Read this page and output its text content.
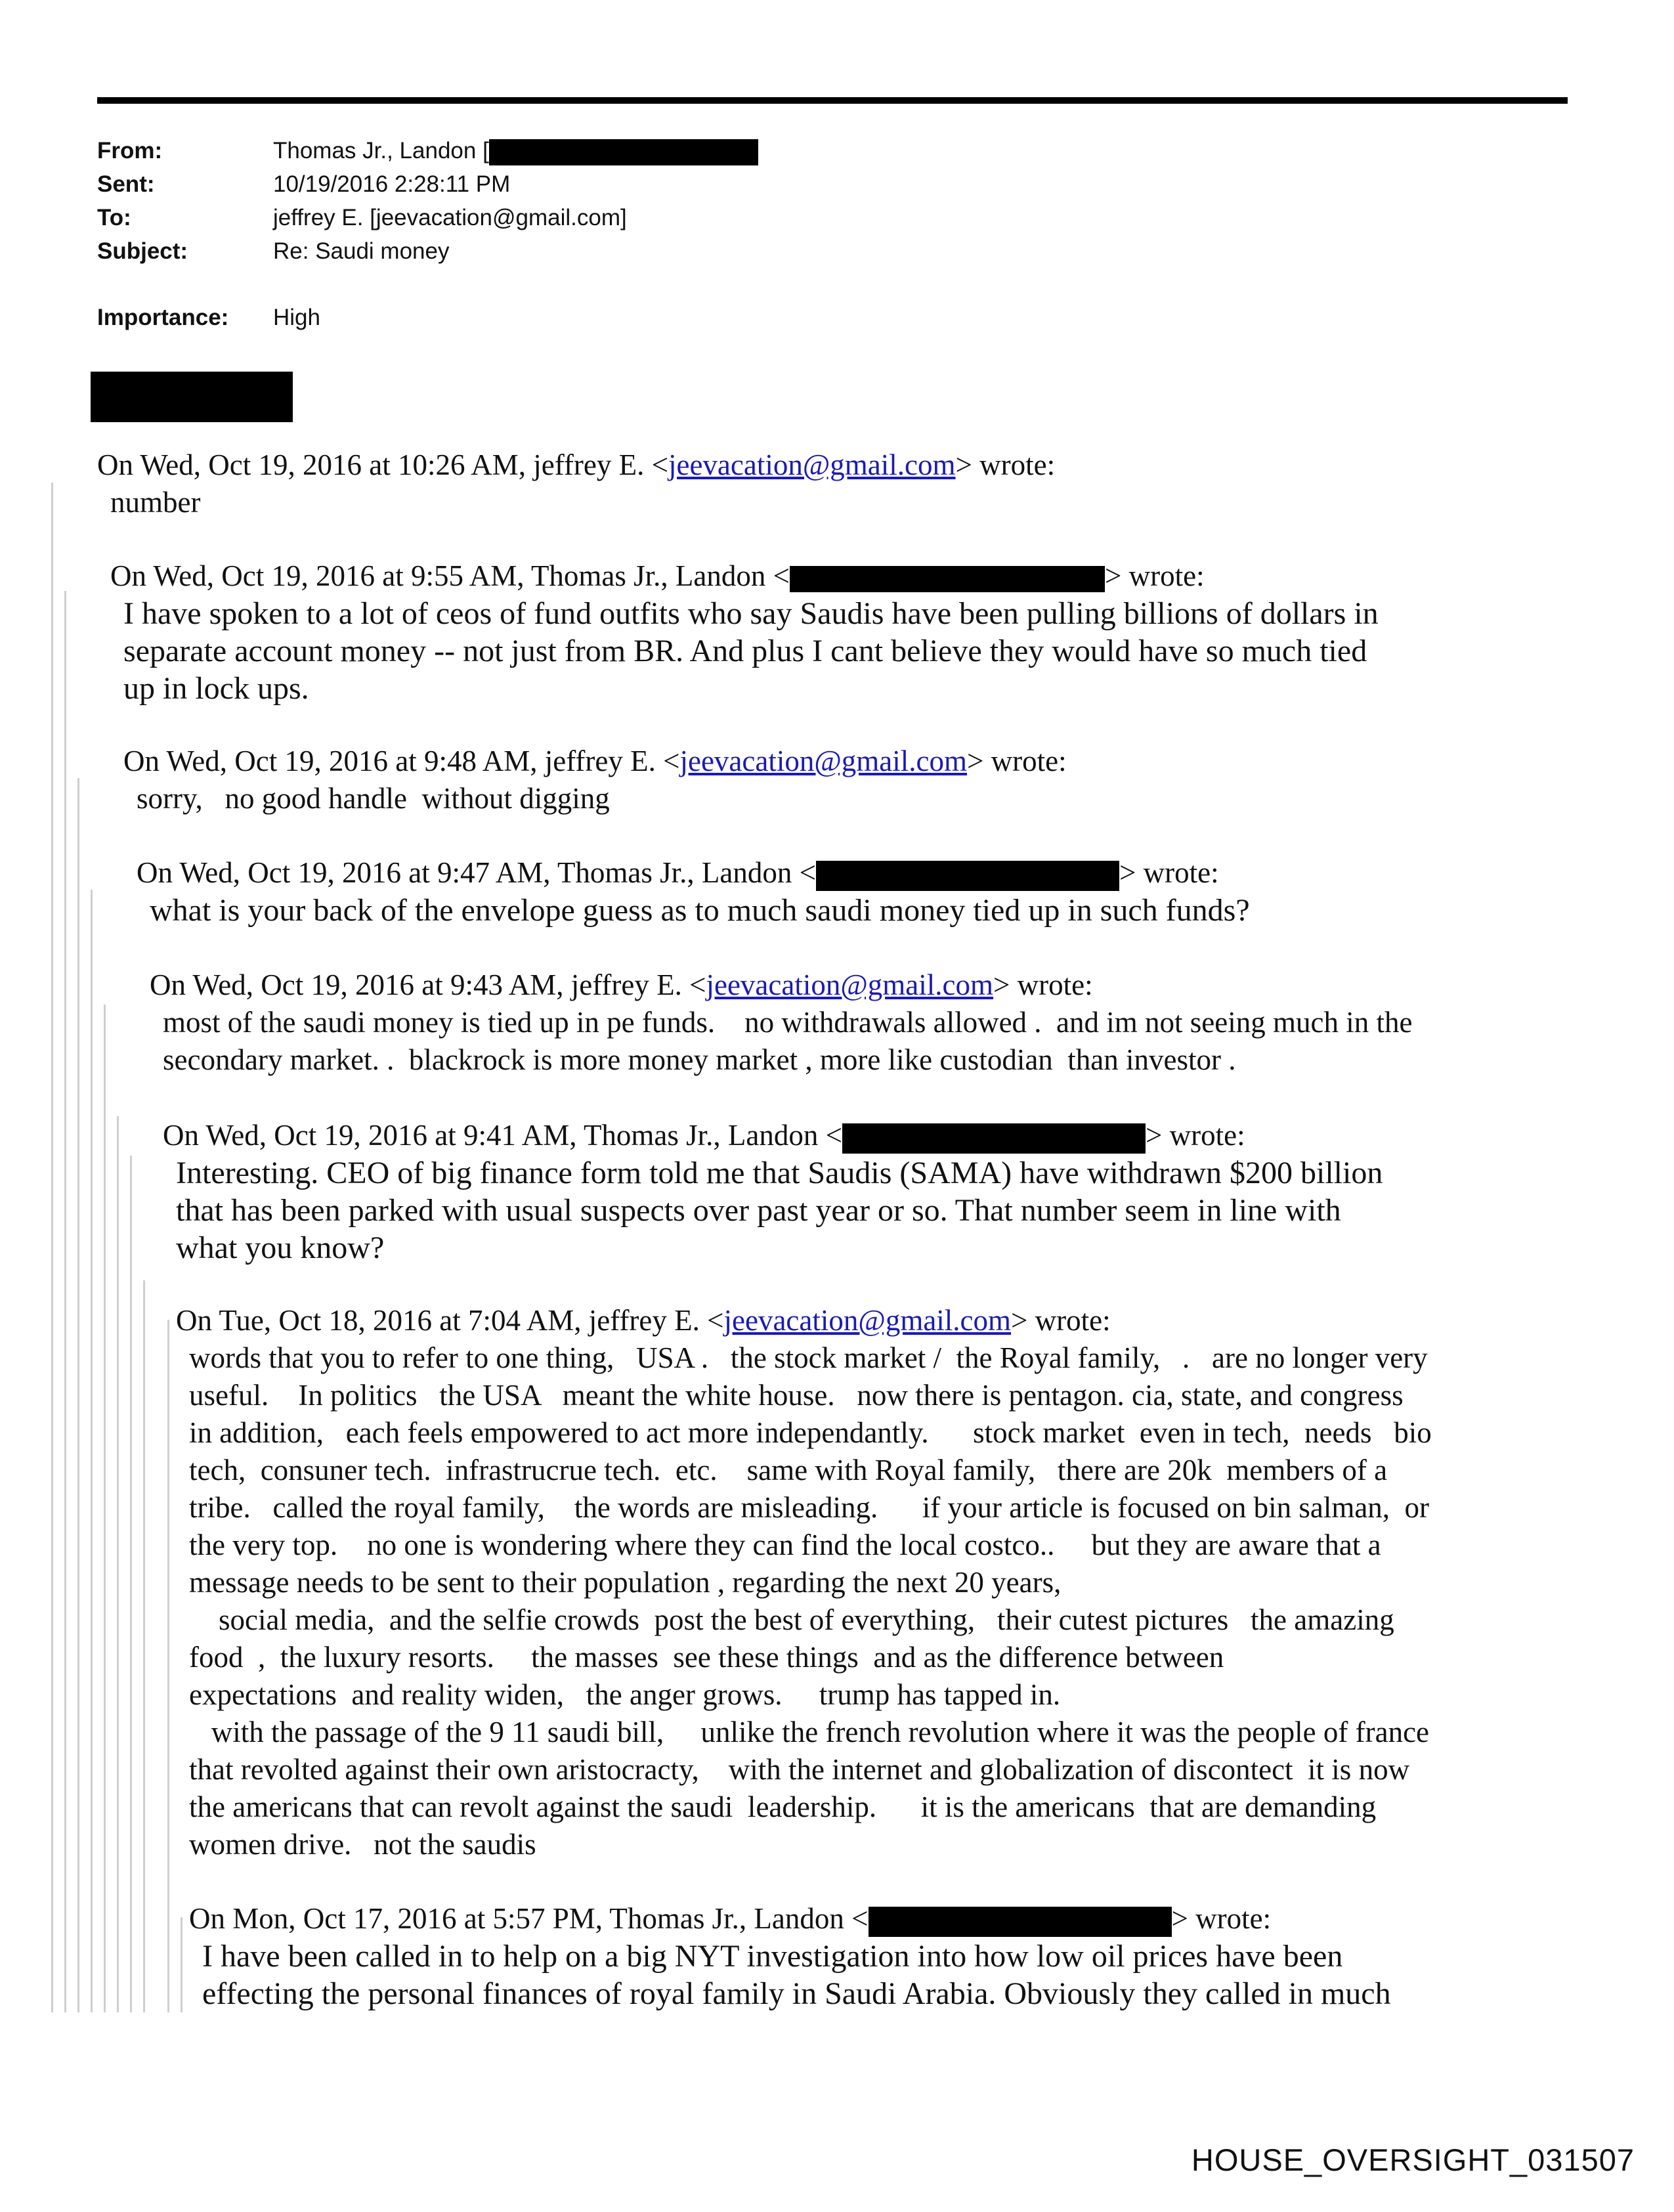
From:	Thomas Jr., Landon [
Sent:	10/19/2016 2:28:11 PM
To:	jeffrey E. [jeevacation@gmail.com]
Subject:	Re: Saudi money
Importance: High
On Wed, Oct 19, 2016 at 10:26 AM, jeffrey E. <jeevacation@gmail.com> wrote:
number
On Wed, Oct 19, 2016 at 9:55 AM, Thomas Jr., Landon <	> wrote:
I have spoken to a lot of ceos of fund outfits who say Saudis have been pulling billions of dollars in
separate account money -- not just from BR. And plus I cant believe they would have so much tied
up in lock ups.
On Wed, Oct 19, 2016 at 9:48 AM, jeffrey E. <jeevacation@gmail.com> wrote:
sorry,   no good handle  without digging
On Wed, Oct 19, 2016 at 9:47 AM, Thomas Jr., Landon <	> wrote:
what is your back of the envelope guess as to much saudi money tied up in such funds?
On Wed, Oct 19, 2016 at 9:43 AM, jeffrey E. <jeevacation@gmail.com> wrote:
most of the saudi money is tied up in pe funds.    no withdrawals allowed .  and im not seeing much in the
secondary market. .  blackrock is more money market , more like custodian  than investor .
On Wed, Oct 19, 2016 at 9:41 AM, Thomas Jr., Landon <	> wrote:
Interesting. CEO of big finance form told me that Saudis (SAMA) have withdrawn $200 billion
that has been parked with usual suspects over past year or so. That number seem in line with
what you know?
On Tue, Oct 18, 2016 at 7:04 AM, jeffrey E. <jeevacation@gmail.com> wrote:
words that you to refer to one thing,   USA .   the stock market /  the Royal family,   .   are no longer very
useful.    In politics   the USA   meant the white house.   now there is pentagon. cia, state, and congress
in addition,   each feels empowered to act more independantly.      stock market  even in tech,  needs   bio
tech,  consuner tech.  infrastrucrue tech.  etc.    same with Royal family,   there are 20k  members of a
tribe.   called the royal family,    the words are misleading.      if your article is focused on bin salman,  or
the very top.    no one is wondering where they can find the local costco..     but they are aware that a
message needs to be sent to their population , regarding the next 20 years,
social media,  and the selfie crowds  post the best of everything,   their cutest pictures   the amazing
food  ,  the luxury resorts.     the masses  see these things  and as the difference between
expectations  and reality widen,   the anger grows.     trump has tapped in.
with the passage of the 9 11 saudi bill,     unlike the french revolution where it was the people of france
that revolted against their own aristocracty,    with the internet and globalization of discontect  it is now
the americans that can revolt against the saudi  leadership.      it is the americans  that are demanding
women drive.   not the saudis
On Mon, Oct 17, 2016 at 5:57 PM, Thomas Jr., Landon <	> wrote:
I have been called in to help on a big NYT investigation into how low oil prices have been
effecting the personal finances of royal family in Saudi Arabia. Obviously they called in much
HOUSE_OVERSIGHT_031507
